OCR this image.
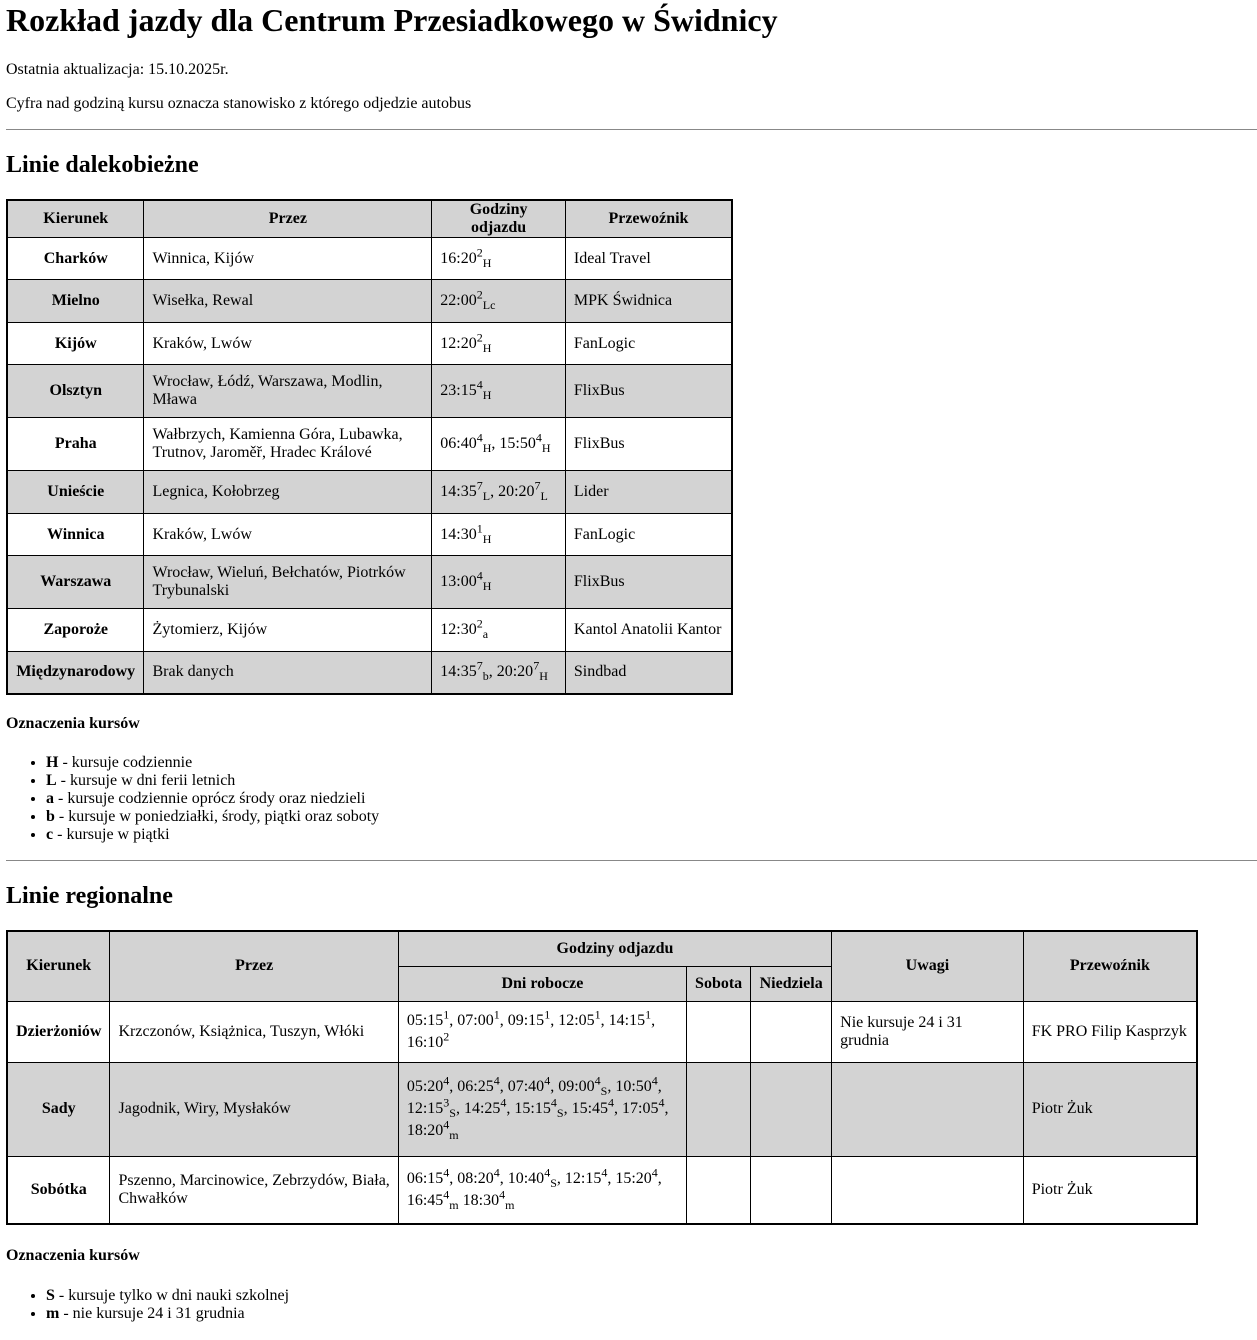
Rozkład jazdy dla Centrum Przesiadkowego w Świdnicy

Ostatnia aktualizacja: 15.10.2025r.

Cyfra nad godziną kursu oznacza stanowisko z którego odjedzie autobus

Linie dalekobieżne
Kierunek	Przez	Godziny odjazdu	Przewoźnik
Charków	Winnica, Kijów	$16:20^2_H$	Ideal Travel
Mielno	Wisełka, Rewal	$22:00^2_{Lc}$	MPK Świdnica
Kijów	Kraków, Lwów	$12:20^2_H$	FanLogic
Olsztyn	Wrocław, Łódź, Warszawa, Modlin, Mława	$23:15^4_H$	FlixBus
Praha	Wałbrzych, Kamienna Góra, Lubawka, Trutnov, Jaroměř, Hradec Králové	$06:40^4_H$, $15:50^4_H$	FlixBus
Unieście	Legnica, Kołobrzeg	$14:35^7_L$, $20:20^7_L$	Lider
Winnica	Kraków, Lwów	$14:30^1_H$	FanLogic
Warszawa	Wrocław, Wieluń, Bełchatów, Piotrków Trybunalski	$13:00^4_H$	FlixBus
Zaporoże	Żytomierz, Kijów	$12:30^2_a$	Kantol Anatolii Kantor
Międzynarodowy	Brak danych	$14:35^7_b$, $20:20^7_H$	Sindbad

Oznaczenia kursów

• H - kursuje codziennie
• L - kursuje w dni ferii letnich
• a - kursuje codziennie oprócz środy oraz niedzieli
• b - kursuje w poniedziałki, środy, piątki oraz soboty
• c - kursuje w piątki
Linie regionalne
Kierunek	Przez	Godziny odjazdu			Uwagi	Przewoźnik
		Dni robocze	Sobota	Niedziela		
Dzierżoniów	Krzczonów, Książnica, Tuszyn, Włóki	$05:15^1$, $07:00^1$, $09:15^1$, $12:05^1$, $14:15^1$,
$16:10^2$			Nie kursuje 24 i 31 grudnia	FK PRO Filip Kasprzyk
Sady	Jagodnik, Wiry, Mysłaków	$05:20^4$, $06:25^4$, $07:40^4$, $09:00^4_S$, $10:50^4$,
$12:15^3_S$, $14:25^4$, $15:15^4_S$, $15:45^4$, $17:05^4$,
$18:20^4_m$				Piotr Żuk
Sobótka	Pszenno, Marcinowice, Zebrzydów, Biała, Chwałków	$06:15^4$, $08:20^4$, $10:40^4_S$, $12:15^4$, $15:20^4$,
$16:45^4_m$ $18:30^4_m$				Piotr Żuk

Oznaczenia kursów

• S - kursuje tylko w dni nauki szkolnej
• m - nie kursuje 24 i 31 grudnia
